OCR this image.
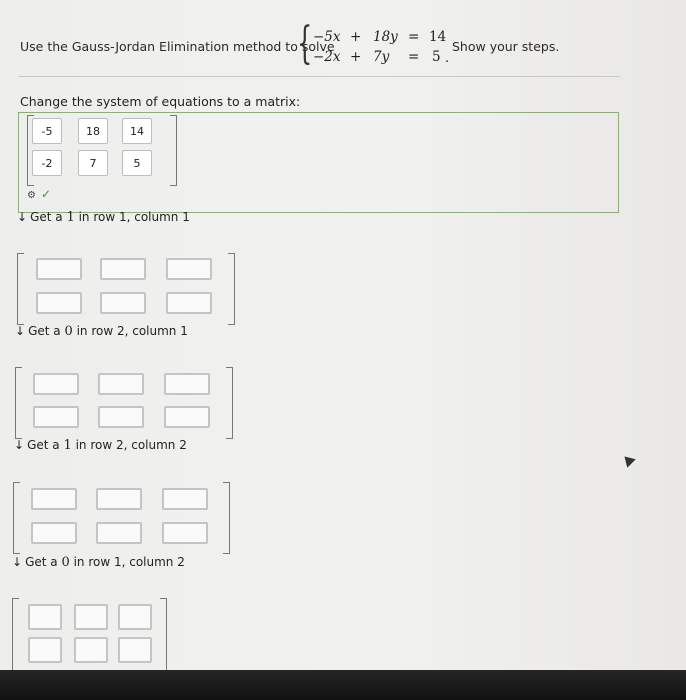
Use the Gauss-Jordan Elimination method to solve
{ −5x + 18y = 14
−2x + 7y = 5 .
Show your steps.
Change the system of equations to a matrix:
-5	18	14
-2	7	5
⚙ ✓
↓ Get a 1 in row 1, column 1
↓ Get a 0 in row 2, column 1
↓ Get a 1 in row 2, column 2
↓ Get a 0 in row 1, column 2
